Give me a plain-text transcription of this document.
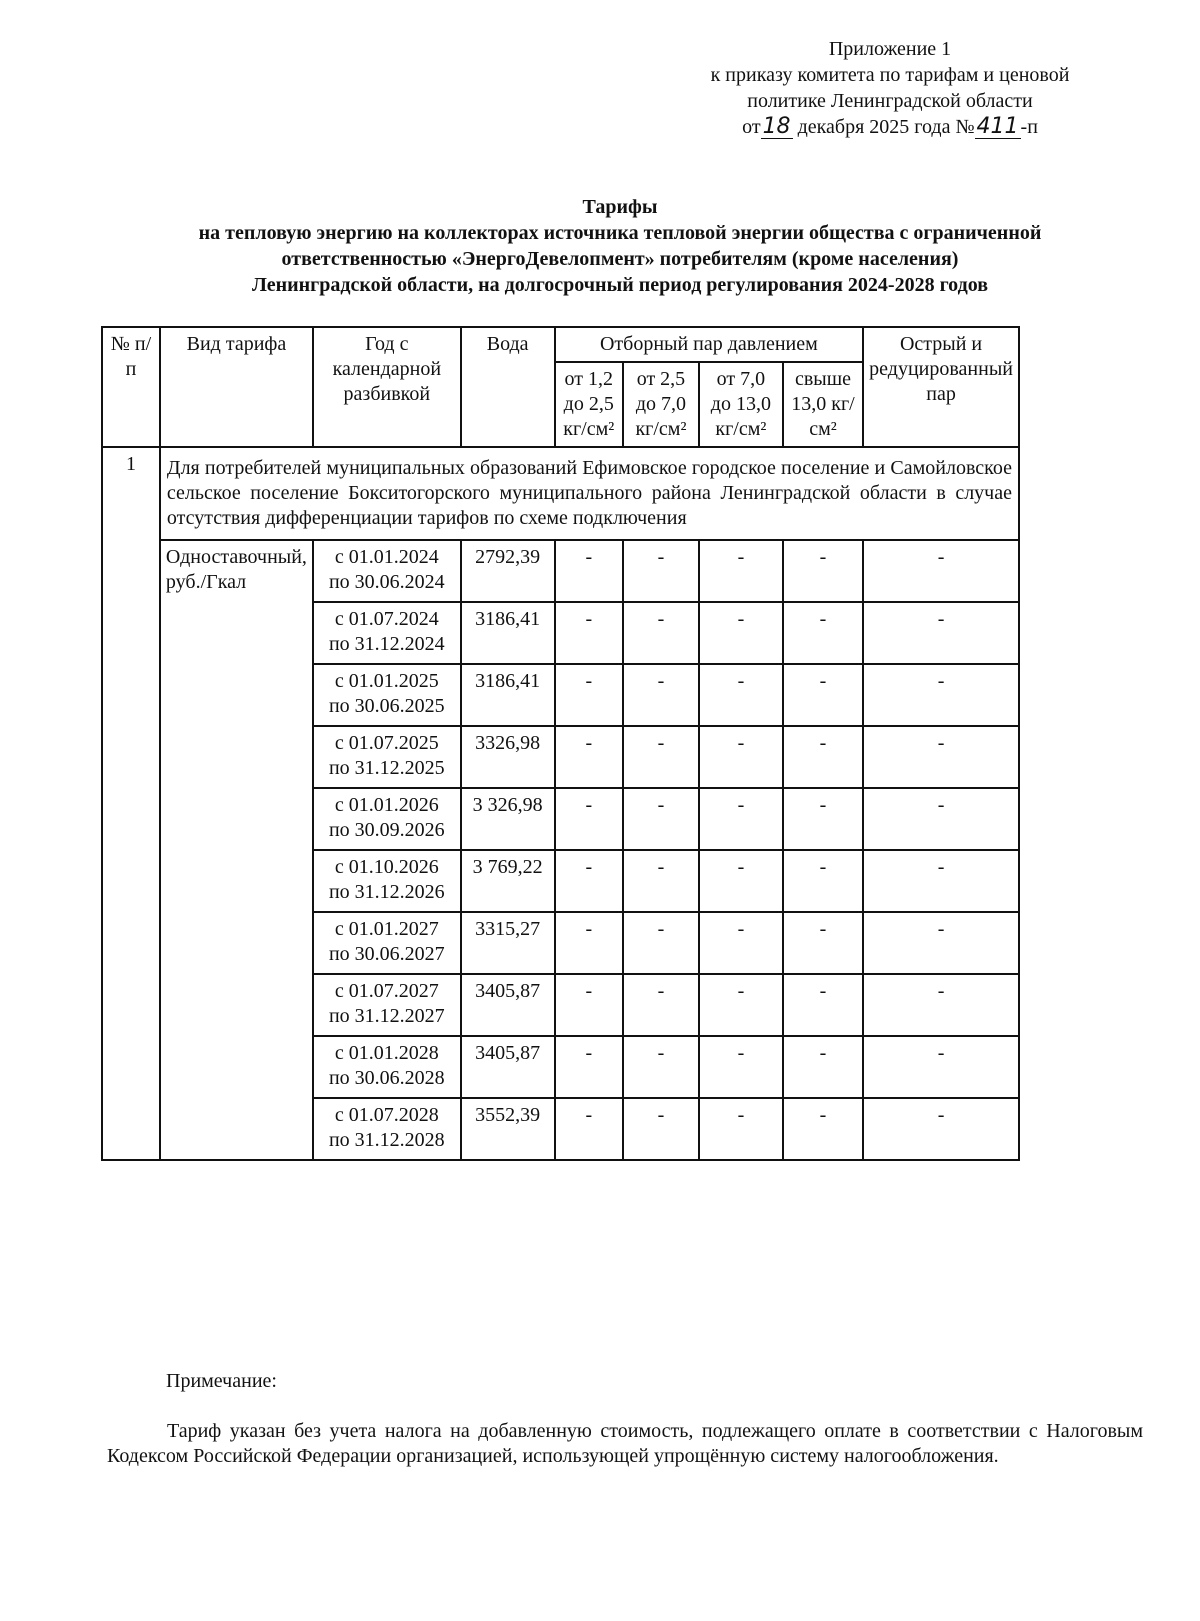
Приложение 1
к приказу комитета по тарифам и ценовой
политике Ленинградской области
от18 декабря 2025 года №411 -п
Тарифы
на тепловую энергию на коллекторах источника тепловой энергии общества с ограниченной
ответственностью «ЭнергоДевелопмент» потребителям (кроме населения)
Ленинградской области, на долгосрочный период регулирования 2024-2028 годов
№ п/п	Вид тарифа	Год с календарной разбивкой	Вода	Отборный пар давлением				Острый и редуцированный пар
				от 1,2 до 2,5 кг/см²	от 2,5 до 7,0 кг/см²	от 7,0 до 13,0 кг/см²	свыше 13,0 кг/см²	
1	Для потребителей муниципальных образований Ефимовское городское поселение и Самойловское сельское поселение Бокситогорского муниципального района Ленинградской области в случае отсутствия дифференциации тарифов по схеме подключения							
	Одноставочный, руб./Гкал	с 01.01.2024
по 30.06.2024	2792,39	-	-	-	-	-

		с 01.07.2024
по 31.12.2024	3186,41	-	-	-	-	-

		с 01.01.2025
по 30.06.2025	3186,41	-	-	-	-	-

		с 01.07.2025
по 31.12.2025	3326,98	-	-	-	-	-

		с 01.01.2026
по 30.09.2026	3 326,98	-	-	-	-	-

		с 01.10.2026
по 31.12.2026	3 769,22	-	-	-	-	-

		с 01.01.2027
по 30.06.2027	3315,27	-	-	-	-	-

		с 01.07.2027
по 31.12.2027	3405,87	-	-	-	-	-

		с 01.01.2028
по 30.06.2028	3405,87	-	-	-	-	-

		с 01.07.2028
по 31.12.2028	3552,39	-	-	-	-	-
Примечание:
Тариф указан без учета налога на добавленную стоимость, подлежащего оплате в соответствии с Налоговым Кодексом Российской Федерации организацией, использующей упрощённую систему налогообложения.
